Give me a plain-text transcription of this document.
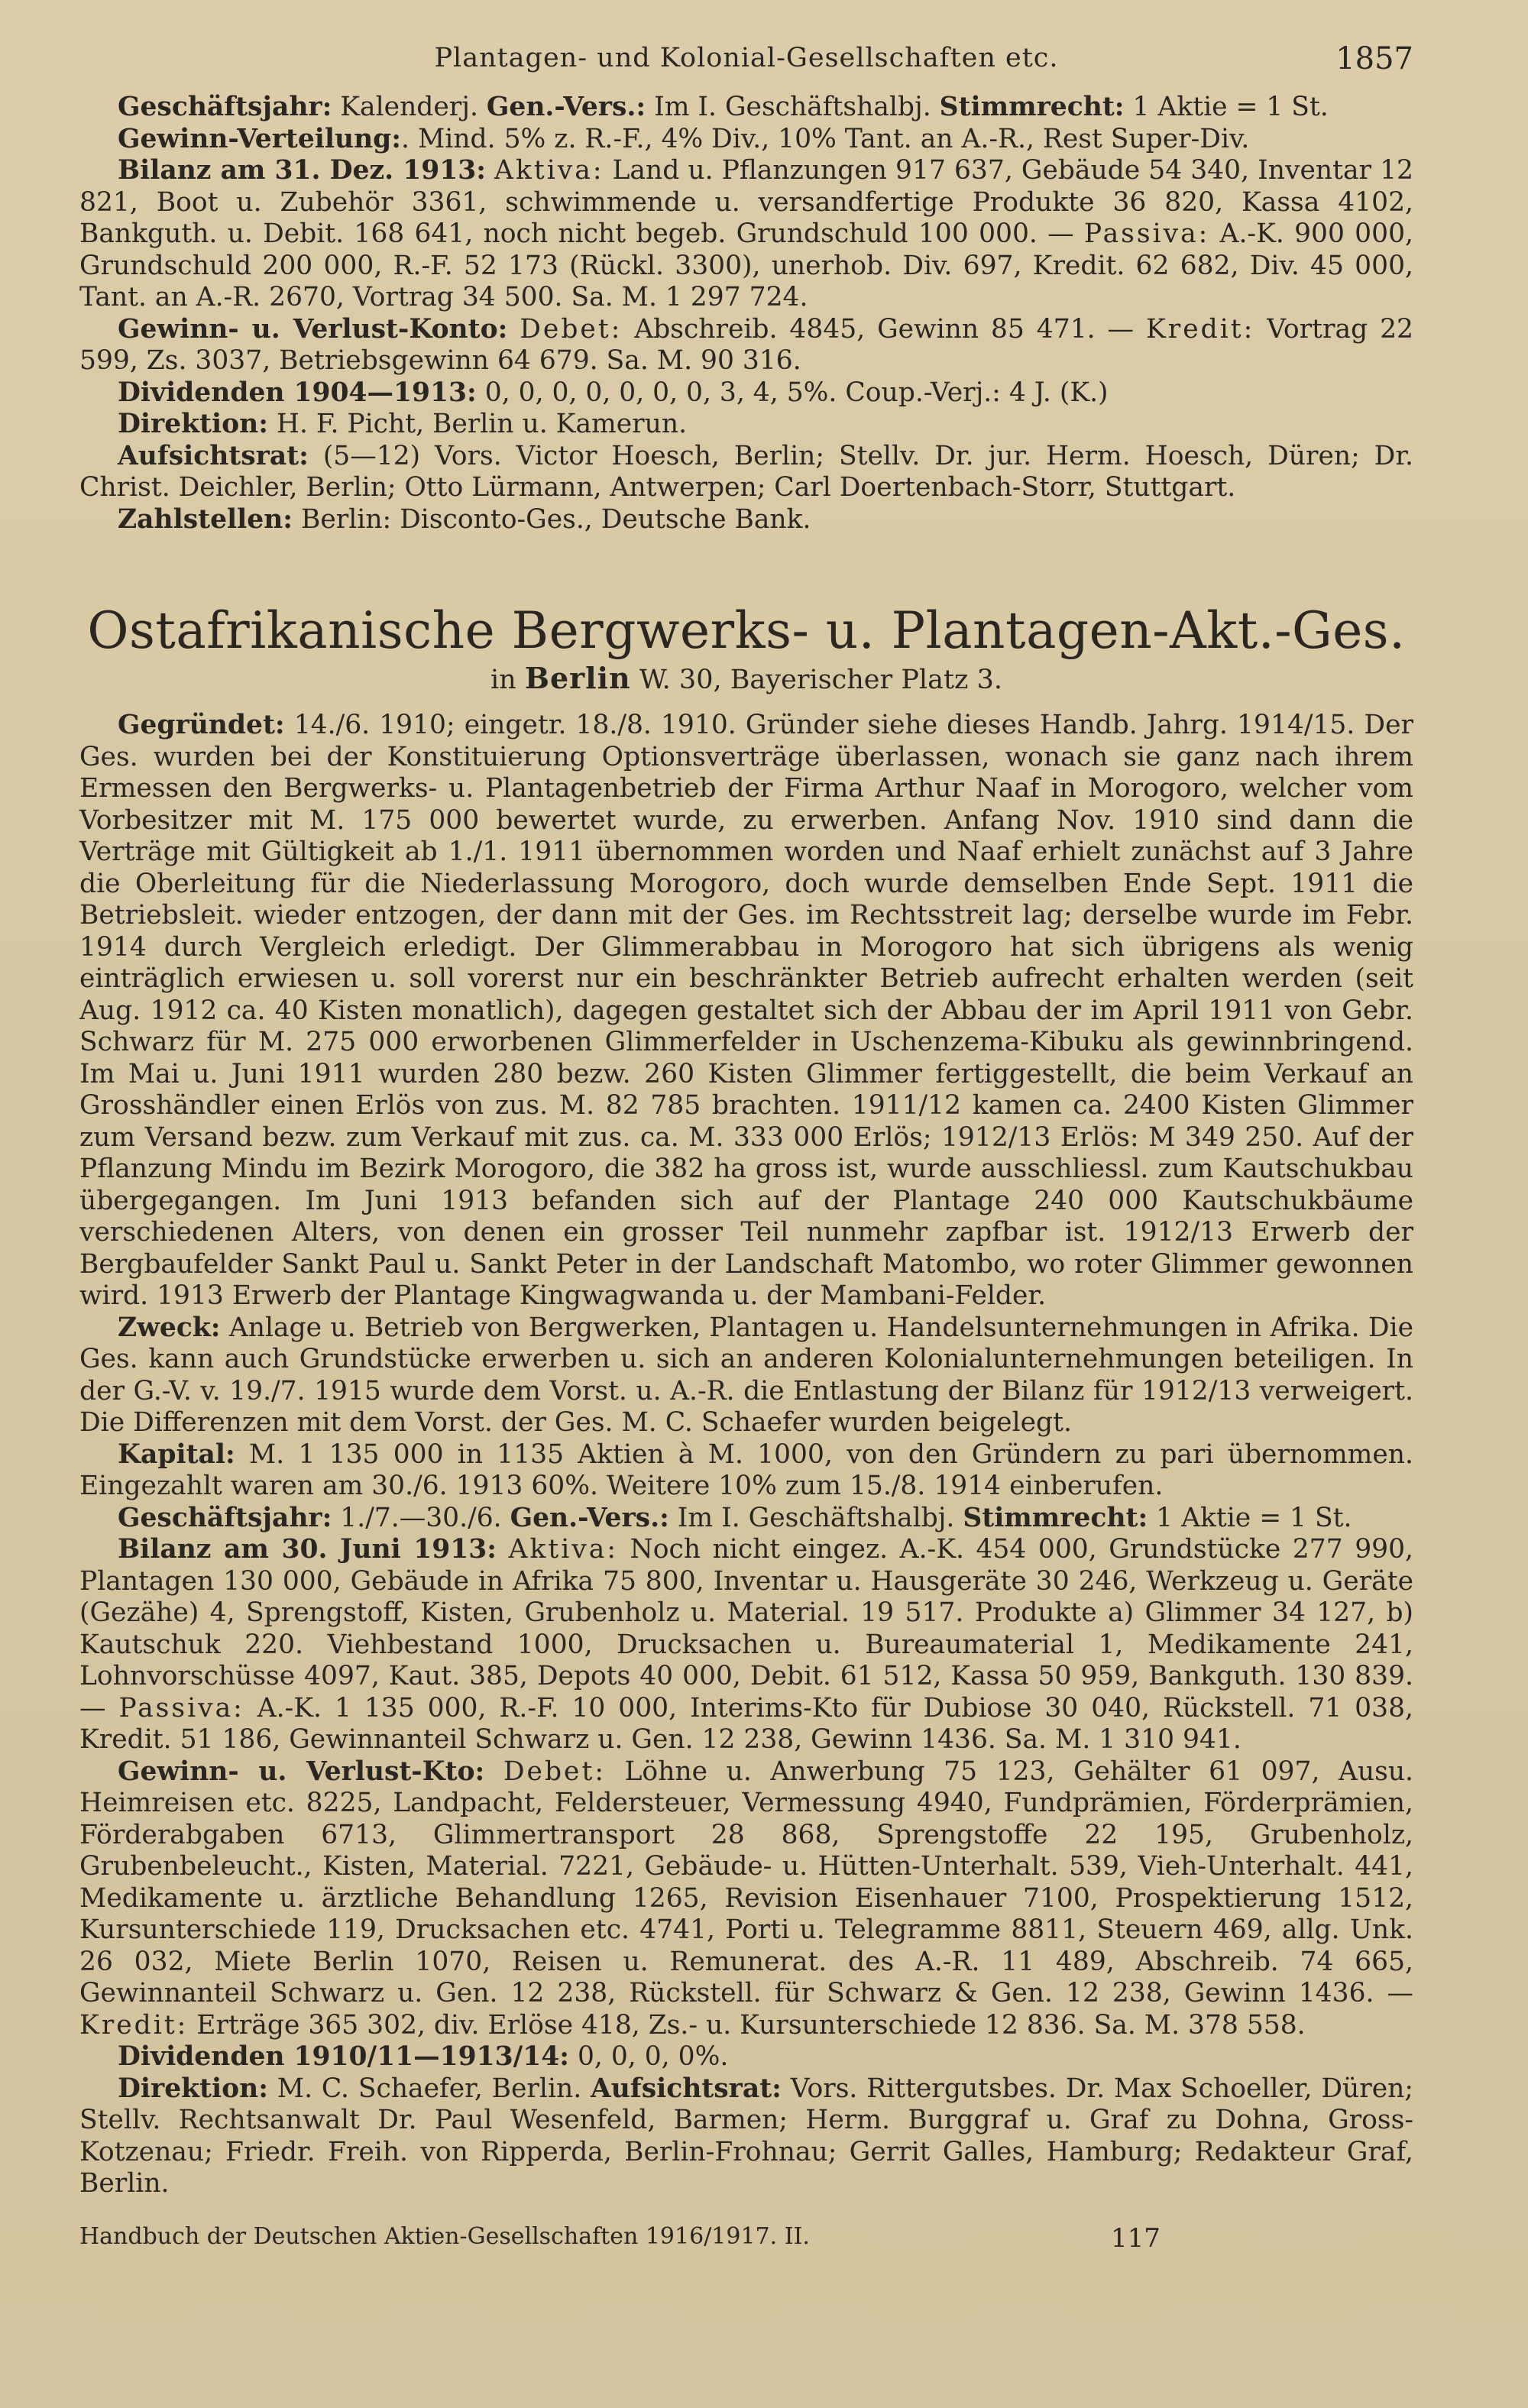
Plantagen- und Kolonial-Gesellschaften etc.	1857

Geschäftsjahr: Kalenderj. Gen.-Vers.: Im I. Geschäftshalbj. Stimmrecht: 1 Aktie = 1 St.

Gewinn-Verteilung:. Mind. 5% z. R.-F., 4% Div., 10% Tant. an A.-R., Rest Super-Div.

Bilanz am 31. Dez. 1913: Aktiva: Land u. Pflanzungen 917 637, Gebäude 54 340, Inventar 12 821, Boot u. Zubehör 3361, schwimmende u. versandfertige Produkte 36 820, Kassa 4102, Bankguth. u. Debit. 168 641, noch nicht begeb. Grundschuld 100 000. — Passiva: A.-K. 900 000, Grundschuld 200 000, R.-F. 52 173 (Rückl. 3300), unerhob. Div. 697, Kredit. 62 682, Div. 45 000, Tant. an A.-R. 2670, Vortrag 34 500. Sa. M. 1 297 724.

Gewinn- u. Verlust-Konto: Debet: Abschreib. 4845, Gewinn 85 471. — Kredit: Vortrag 22 599, Zs. 3037, Betriebsgewinn 64 679. Sa. M. 90 316.

Dividenden 1904—1913: 0, 0, 0, 0, 0, 0, 0, 3, 4, 5%. Coup.-Verj.: 4 J. (K.)

Direktion: H. F. Picht, Berlin u. Kamerun.

Aufsichtsrat: (5—12) Vors. Victor Hoesch, Berlin; Stellv. Dr. jur. Herm. Hoesch, Düren; Dr. Christ. Deichler, Berlin; Otto Lürmann, Antwerpen; Carl Doertenbach-Storr, Stuttgart.

Zahlstellen: Berlin: Disconto-Ges., Deutsche Bank.

Ostafrikanische Bergwerks- u. Plantagen-Akt.-Ges.
in Berlin W. 30, Bayerischer Platz 3.

Gegründet: 14./6. 1910; eingetr. 18./8. 1910. Gründer siehe dieses Handb. Jahrg. 1914/15. Der Ges. wurden bei der Konstituierung Optionsverträge überlassen, wonach sie ganz nach ihrem Ermessen den Bergwerks- u. Plantagenbetrieb der Firma Arthur Naaf in Morogoro, welcher vom Vorbesitzer mit M. 175 000 bewertet wurde, zu erwerben. Anfang Nov. 1910 sind dann die Verträge mit Gültigkeit ab 1./1. 1911 übernommen worden und Naaf erhielt zunächst auf 3 Jahre die Oberleitung für die Niederlassung Morogoro, doch wurde demselben Ende Sept. 1911 die Betriebsleit. wieder entzogen, der dann mit der Ges. im Rechtsstreit lag; derselbe wurde im Febr. 1914 durch Vergleich erledigt. Der Glimmerabbau in Morogoro hat sich übrigens als wenig einträglich erwiesen u. soll vorerst nur ein beschränkter Betrieb aufrecht erhalten werden (seit Aug. 1912 ca. 40 Kisten monatlich), dagegen gestaltet sich der Abbau der im April 1911 von Gebr. Schwarz für M. 275 000 erworbenen Glimmerfelder in Uschenzema-Kibuku als gewinnbringend. Im Mai u. Juni 1911 wurden 280 bezw. 260 Kisten Glimmer fertiggestellt, die beim Verkauf an Grosshändler einen Erlös von zus. M. 82 785 brachten. 1911/12 kamen ca. 2400 Kisten Glimmer zum Versand bezw. zum Verkauf mit zus. ca. M. 333 000 Erlös; 1912/13 Erlös: M 349 250. Auf der Pflanzung Mindu im Bezirk Morogoro, die 382 ha gross ist, wurde ausschliessl. zum Kautschukbau übergegangen. Im Juni 1913 befanden sich auf der Plantage 240 000 Kautschukbäume verschiedenen Alters, von denen ein grosser Teil nunmehr zapfbar ist. 1912/13 Erwerb der Bergbaufelder Sankt Paul u. Sankt Peter in der Landschaft Matombo, wo roter Glimmer gewonnen wird. 1913 Erwerb der Plantage Kingwagwanda u. der Mambani-Felder.

Zweck: Anlage u. Betrieb von Bergwerken, Plantagen u. Handelsunternehmungen in Afrika. Die Ges. kann auch Grundstücke erwerben u. sich an anderen Kolonialunternehmungen beteiligen. In der G.-V. v. 19./7. 1915 wurde dem Vorst. u. A.-R. die Entlastung der Bilanz für 1912/13 verweigert. Die Differenzen mit dem Vorst. der Ges. M. C. Schaefer wurden beigelegt.

Kapital: M. 1 135 000 in 1135 Aktien à M. 1000, von den Gründern zu pari übernommen. Eingezahlt waren am 30./6. 1913 60%. Weitere 10% zum 15./8. 1914 einberufen.

Geschäftsjahr: 1./7.—30./6. Gen.-Vers.: Im I. Geschäftshalbj. Stimmrecht: 1 Aktie = 1 St.

Bilanz am 30. Juni 1913: Aktiva: Noch nicht eingez. A.-K. 454 000, Grundstücke 277 990, Plantagen 130 000, Gebäude in Afrika 75 800, Inventar u. Hausgeräte 30 246, Werkzeug u. Geräte (Gezähe) 4, Sprengstoff, Kisten, Grubenholz u. Material. 19 517. Produkte a) Glimmer 34 127, b) Kautschuk 220. Viehbestand 1000, Drucksachen u. Bureaumaterial 1, Medikamente 241, Lohnvorschüsse 4097, Kaut. 385, Depots 40 000, Debit. 61 512, Kassa 50 959, Bankguth. 130 839. — Passiva: A.-K. 1 135 000, R.-F. 10 000, Interims-Kto für Dubiose 30 040, Rückstell. 71 038, Kredit. 51 186, Gewinnanteil Schwarz u. Gen. 12 238, Gewinn 1436. Sa. M. 1 310 941.

Gewinn- u. Verlust-Kto: Debet: Löhne u. Anwerbung 75 123, Gehälter 61 097, Ausu. Heimreisen etc. 8225, Landpacht, Feldersteuer, Vermessung 4940, Fundprämien, Förderprämien, Förderabgaben 6713, Glimmertransport 28 868, Sprengstoffe 22 195, Grubenholz, Grubenbeleucht., Kisten, Material. 7221, Gebäude- u. Hütten-Unterhalt. 539, Vieh-Unterhalt. 441, Medikamente u. ärztliche Behandlung 1265, Revision Eisenhauer 7100, Prospektierung 1512, Kursunterschiede 119, Drucksachen etc. 4741, Porti u. Telegramme 8811, Steuern 469, allg. Unk. 26 032, Miete Berlin 1070, Reisen u. Remunerat. des A.-R. 11 489, Abschreib. 74 665, Gewinnanteil Schwarz u. Gen. 12 238, Rückstell. für Schwarz & Gen. 12 238, Gewinn 1436. — Kredit: Erträge 365 302, div. Erlöse 418, Zs.- u. Kursunterschiede 12 836. Sa. M. 378 558.

Dividenden 1910/11—1913/14: 0, 0, 0, 0%.

Direktion: M. C. Schaefer, Berlin. Aufsichtsrat: Vors. Rittergutsbes. Dr. Max Schoeller, Düren; Stellv. Rechtsanwalt Dr. Paul Wesenfeld, Barmen; Herm. Burggraf u. Graf zu Dohna, Gross-Kotzenau; Friedr. Freih. von Ripperda, Berlin-Frohnau; Gerrit Galles, Hamburg; Redakteur Graf, Berlin.

Handbuch der Deutschen Aktien-Gesellschaften 1916/1917. II.	117
